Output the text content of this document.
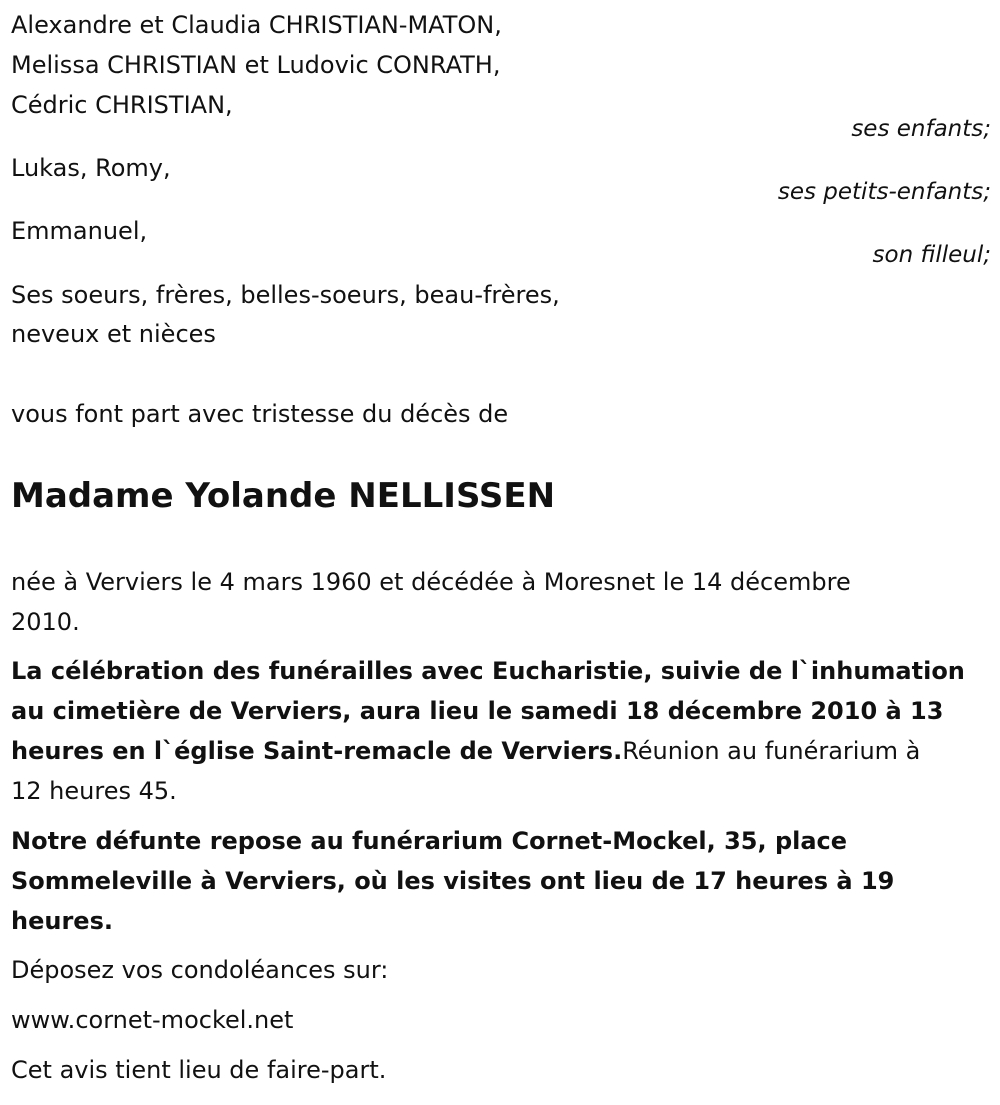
Alexandre et Claudia CHRISTIAN-MATON,
Melissa CHRISTIAN et Ludovic CONRATH,
Cédric CHRISTIAN,
ses enfants;
Lukas, Romy,
ses petits-enfants;
Emmanuel,
son filleul;
Ses soeurs, frères, belles-soeurs, beau-frères,
neveux et nièces
vous font part avec tristesse du décès de
Madame Yolande NELLISSEN
née à Verviers le 4 mars 1960 et décédée à Moresnet le 14 décembre
2010.
La célébration des funérailles avec Eucharistie, suivie de l`inhumation
au cimetière de Verviers, aura lieu le samedi 18 décembre 2010 à 13
heures en l`église Saint-remacle de Verviers.Réunion au funérarium à
12 heures 45.
Notre défunte repose au funérarium Cornet-Mockel, 35, place
Sommeleville à Verviers, où les visites ont lieu de 17 heures à 19
heures.
Déposez vos condoléances sur:
www.cornet-mockel.net
Cet avis tient lieu de faire-part.
